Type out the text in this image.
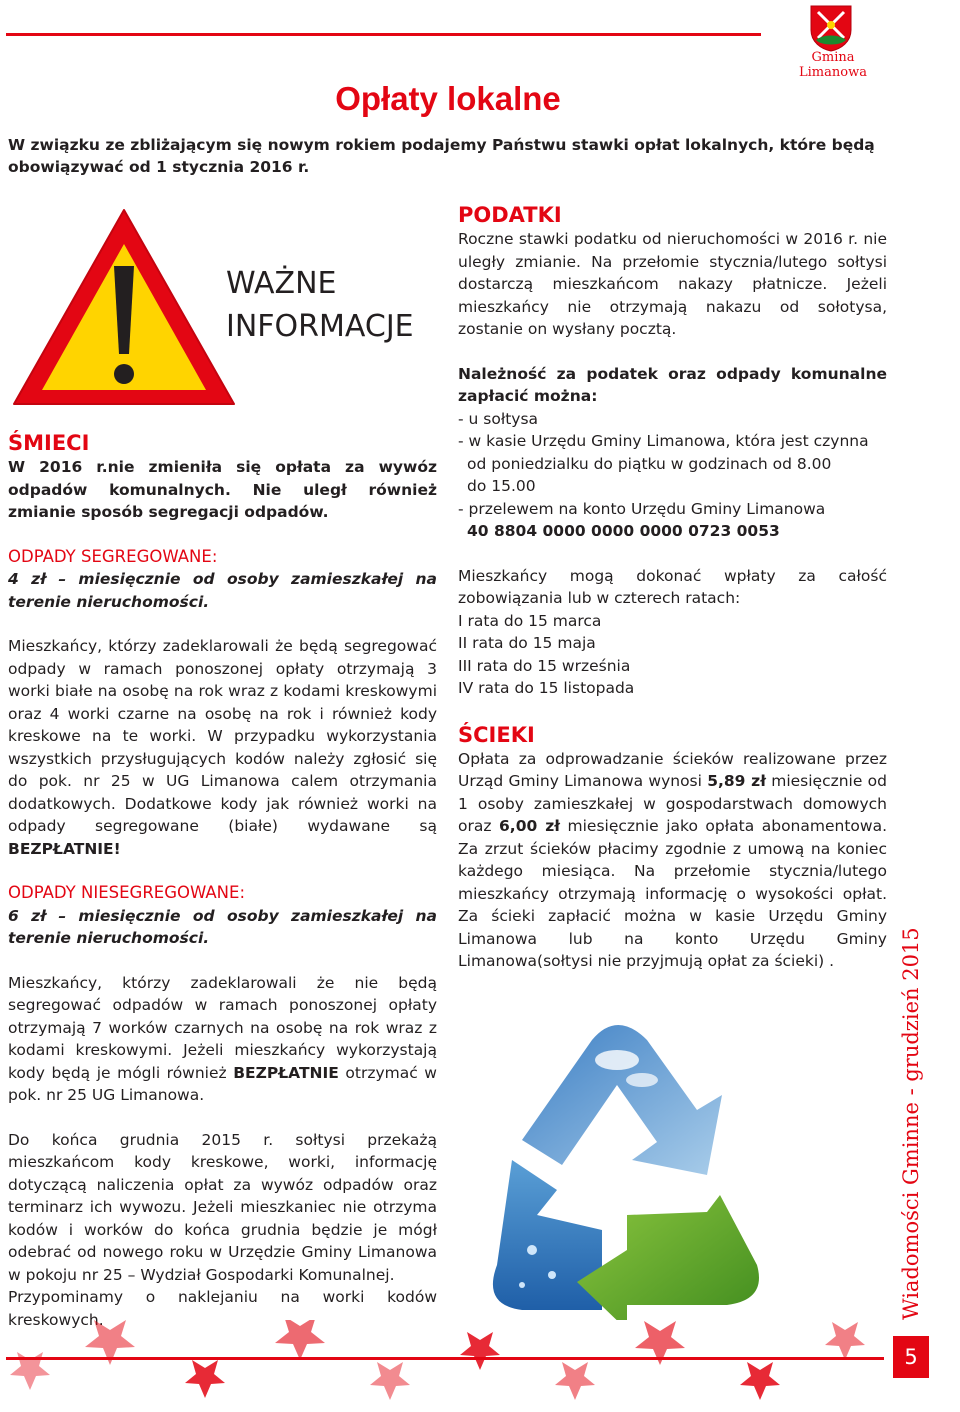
Gmina Limanowa
Opłaty lokalne
W związku ze zbliżającym się nowym rokiem podajemy Państwu stawki opłat lokalnych, które będą
obowiązywać od 1 stycznia 2016 r.
WAŻNE
INFORMACJE
ŚMIECI

W 2016 r.nie zmieniła się opłata za wywóz odpadów komunalnych. Nie uległ również zmianie sposób segregacji odpadów.

ODPADY SEGREGOWANE:

4 zł – miesięcznie od osoby zamieszkałej na terenie nieruchomości.

Mieszkańcy, którzy zadeklarowali że będą segregować odpady w ramach ponoszonej opłaty otrzymają 3 worki białe na osobę na rok wraz z kodami kreskowymi oraz 4 worki czarne na osobę na rok i również kody kreskowe na te worki. W przypadku wykorzystania wszystkich przysługujących kodów należy zgłosić się do pok. nr 25 w UG Limanowa calem otrzymania dodatkowych. Dodatkowe kody jak również worki na odpady segregowane (białe) wydawane są BEZPŁATNIE!

ODPADY NIESEGREGOWANE:

6 zł – miesięcznie od osoby zamieszkałej na terenie nieruchomości.

Mieszkańcy, którzy zadeklarowali że nie będą segregować odpadów w ramach ponoszonej opłaty otrzymają 7 worków czarnych na osobę na rok wraz z kodami kreskowymi. Jeżeli mieszkańcy wykorzystają kody będą je mógli również BEZPŁATNIE otrzymać w pok. nr 25 UG Limanowa.

Do końca grudnia 2015 r. sołtysi przekażą mieszkańcom kody kreskowe, worki, informację dotyczącą naliczenia opłat za wywóz odpadów oraz terminarz ich wywozu. Jeżeli mieszkaniec nie otrzyma kodów i worków do końca grudnia będzie je mógł odebrać od nowego roku w Urzędzie Gminy Limanowa w pokoju nr 25 – Wydział Gospodarki Komunalnej.

Przypominamy o naklejaniu na worki kodów kreskowych.

PODATKI

Roczne stawki podatku od nieruchomości w 2016 r. nie uległy zmianie. Na przełomie stycznia/lutego sołtysi dostarczą mieszkańcom nakazy płatnicze. Jeżeli mieszkańcy nie otrzymają nakazu od sołotysa, zostanie on wysłany pocztą.

Należność za podatek oraz odpady komunalne zapłacić można:

- u sołtysa
- w kasie Urzędu Gminy Limanowa, która jest czynna
od poniedzialku do piątku w godzinach od 8.00
do 15.00
- przelewem na konto Urzędu Gminy Limanowa
40 8804 0000 0000 0000 0723 0053

Mieszkańcy mogą dokonać wpłaty za całość zobowiązania lub w czterech ratach:

I rata do 15 marca
II rata do 15 maja
III rata do 15 września
IV rata do 15 listopada
ŚCIEKI

Opłata za odprowadzanie ścieków realizowane przez Urząd Gminy Limanowa wynosi 5,89 zł miesięcznie od 1 osoby zamieszkałej w gospodarstwach domowych oraz 6,00 zł miesięcznie jako opłata abonamentowa. Za zrzut ścieków płacimy zgodnie z umową na koniec każdego miesiąca. Na przełomie stycznia/lutego mieszkańcy otrzymają informację o wysokości opłat. Za ścieki zapłacić można w kasie Urzędu Gminy Limanowa lub na konto Urzędu Gminy Limanowa(sołtysi nie przyjmują opłat za ścieki) .	Wiadomości Gminne - grudzień 2015
5
